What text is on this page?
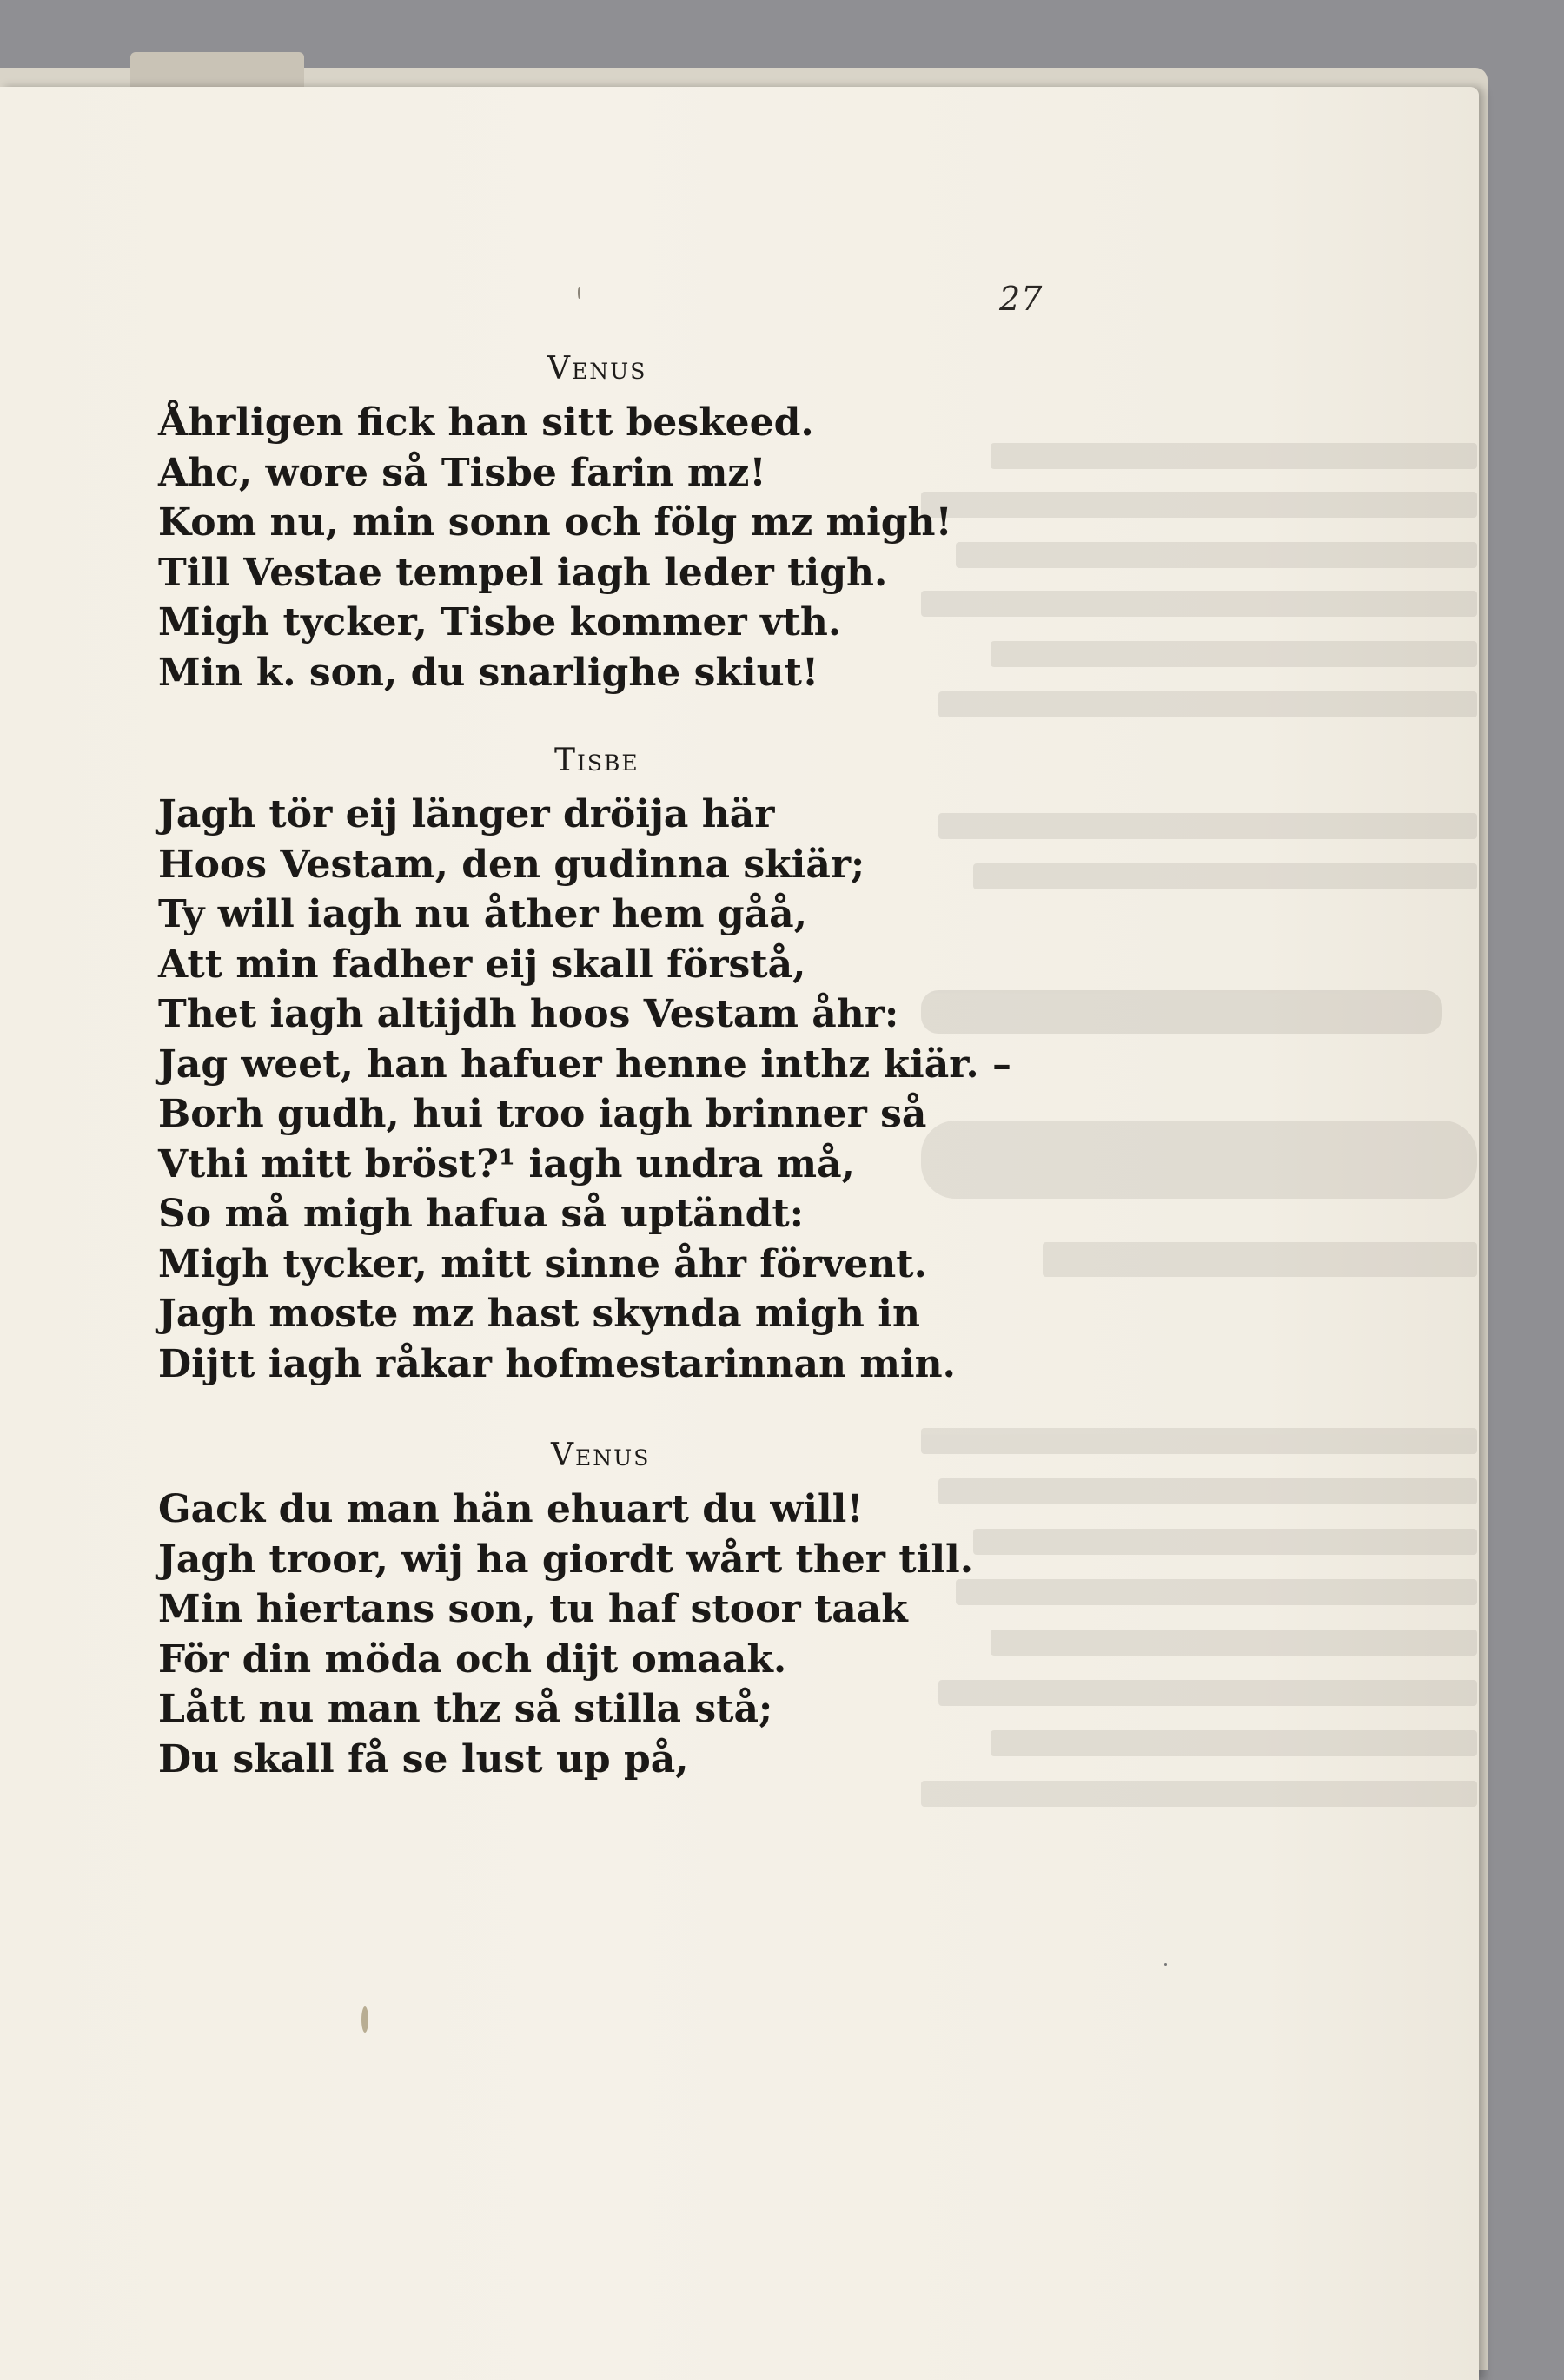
27
Venus
Åhrligen fick han sitt beskeed.
Ahc, wore så Tisbe farin mz!
Kom nu, min sonn och fölg mz migh!
Till Vestae tempel iagh leder tigh.
Migh tycker, Tisbe kommer vth.
Min k. son, du snarlighe skiut!
Tisbe
Jagh tör eij länger dröija här
Hoos Vestam, den gudinna skiär;
Ty will iagh nu åther hem gåå,
Att min fadher eij skall förstå,
Thet iagh altijdh hoos Vestam åhr:
Jag weet, han hafuer henne inthz kiär. –
Borh gudh, hui troo iagh brinner så
Vthi mitt bröst?¹ iagh undra må,
So må migh hafua så uptändt:
Migh tycker, mitt sinne åhr förvent.
Jagh moste mz hast skynda migh in
Dijtt iagh råkar hofmestarinnan min.
Venus
Gack du man hän ehuart du will!
Jagh troor, wij ha giordt wårt ther till.
Min hiertans son, tu haf stoor taak
För din möda och dijt omaak.
Lått nu man thz så stilla stå;
Du skall få se lust up på,
